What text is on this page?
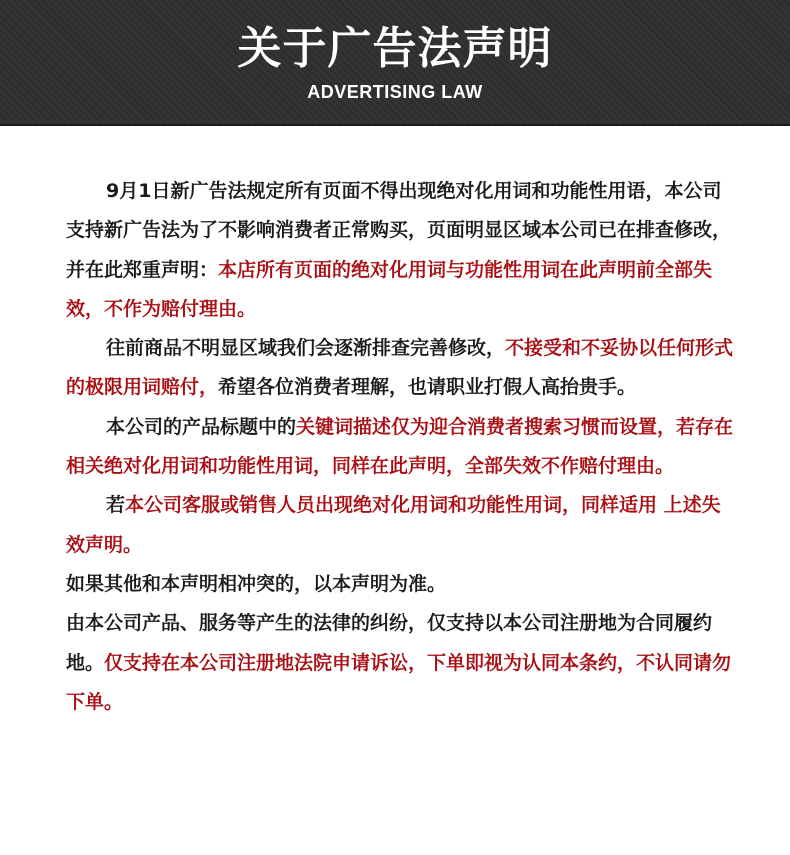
关于广告法声明
ADVERTISING LAW

9月1日新广告法规定所有页面不得出现绝对化用词和功能性用语，本公司支持新广告法为了不影响消费者正常购买，页面明显区域本公司已在排查修改，并在此郑重声明：本店所有页面的绝对化用词与功能性用词在此声明前全部失效，不作为赔付理由。

往前商品不明显区域我们会逐渐排查完善修改，不接受和不妥协以任何形式的极限用词赔付，希望各位消费者理解，也请职业打假人高抬贵手。

本公司的产品标题中的关键词描述仅为迎合消费者搜索习惯而设置，若存在相关绝对化用词和功能性用词，同样在此声明，全部失效不作赔付理由。

若本公司客服或销售人员出现绝对化用词和功能性用词，同样适用 上述失效声明。

如果其他和本声明相冲突的，以本声明为准。

由本公司产品、服务等产生的法律的纠纷，仅支持以本公司注册地为合同履约地。仅支持在本公司注册地法院申请诉讼，下单即视为认同本条约，不认同请勿下单。
